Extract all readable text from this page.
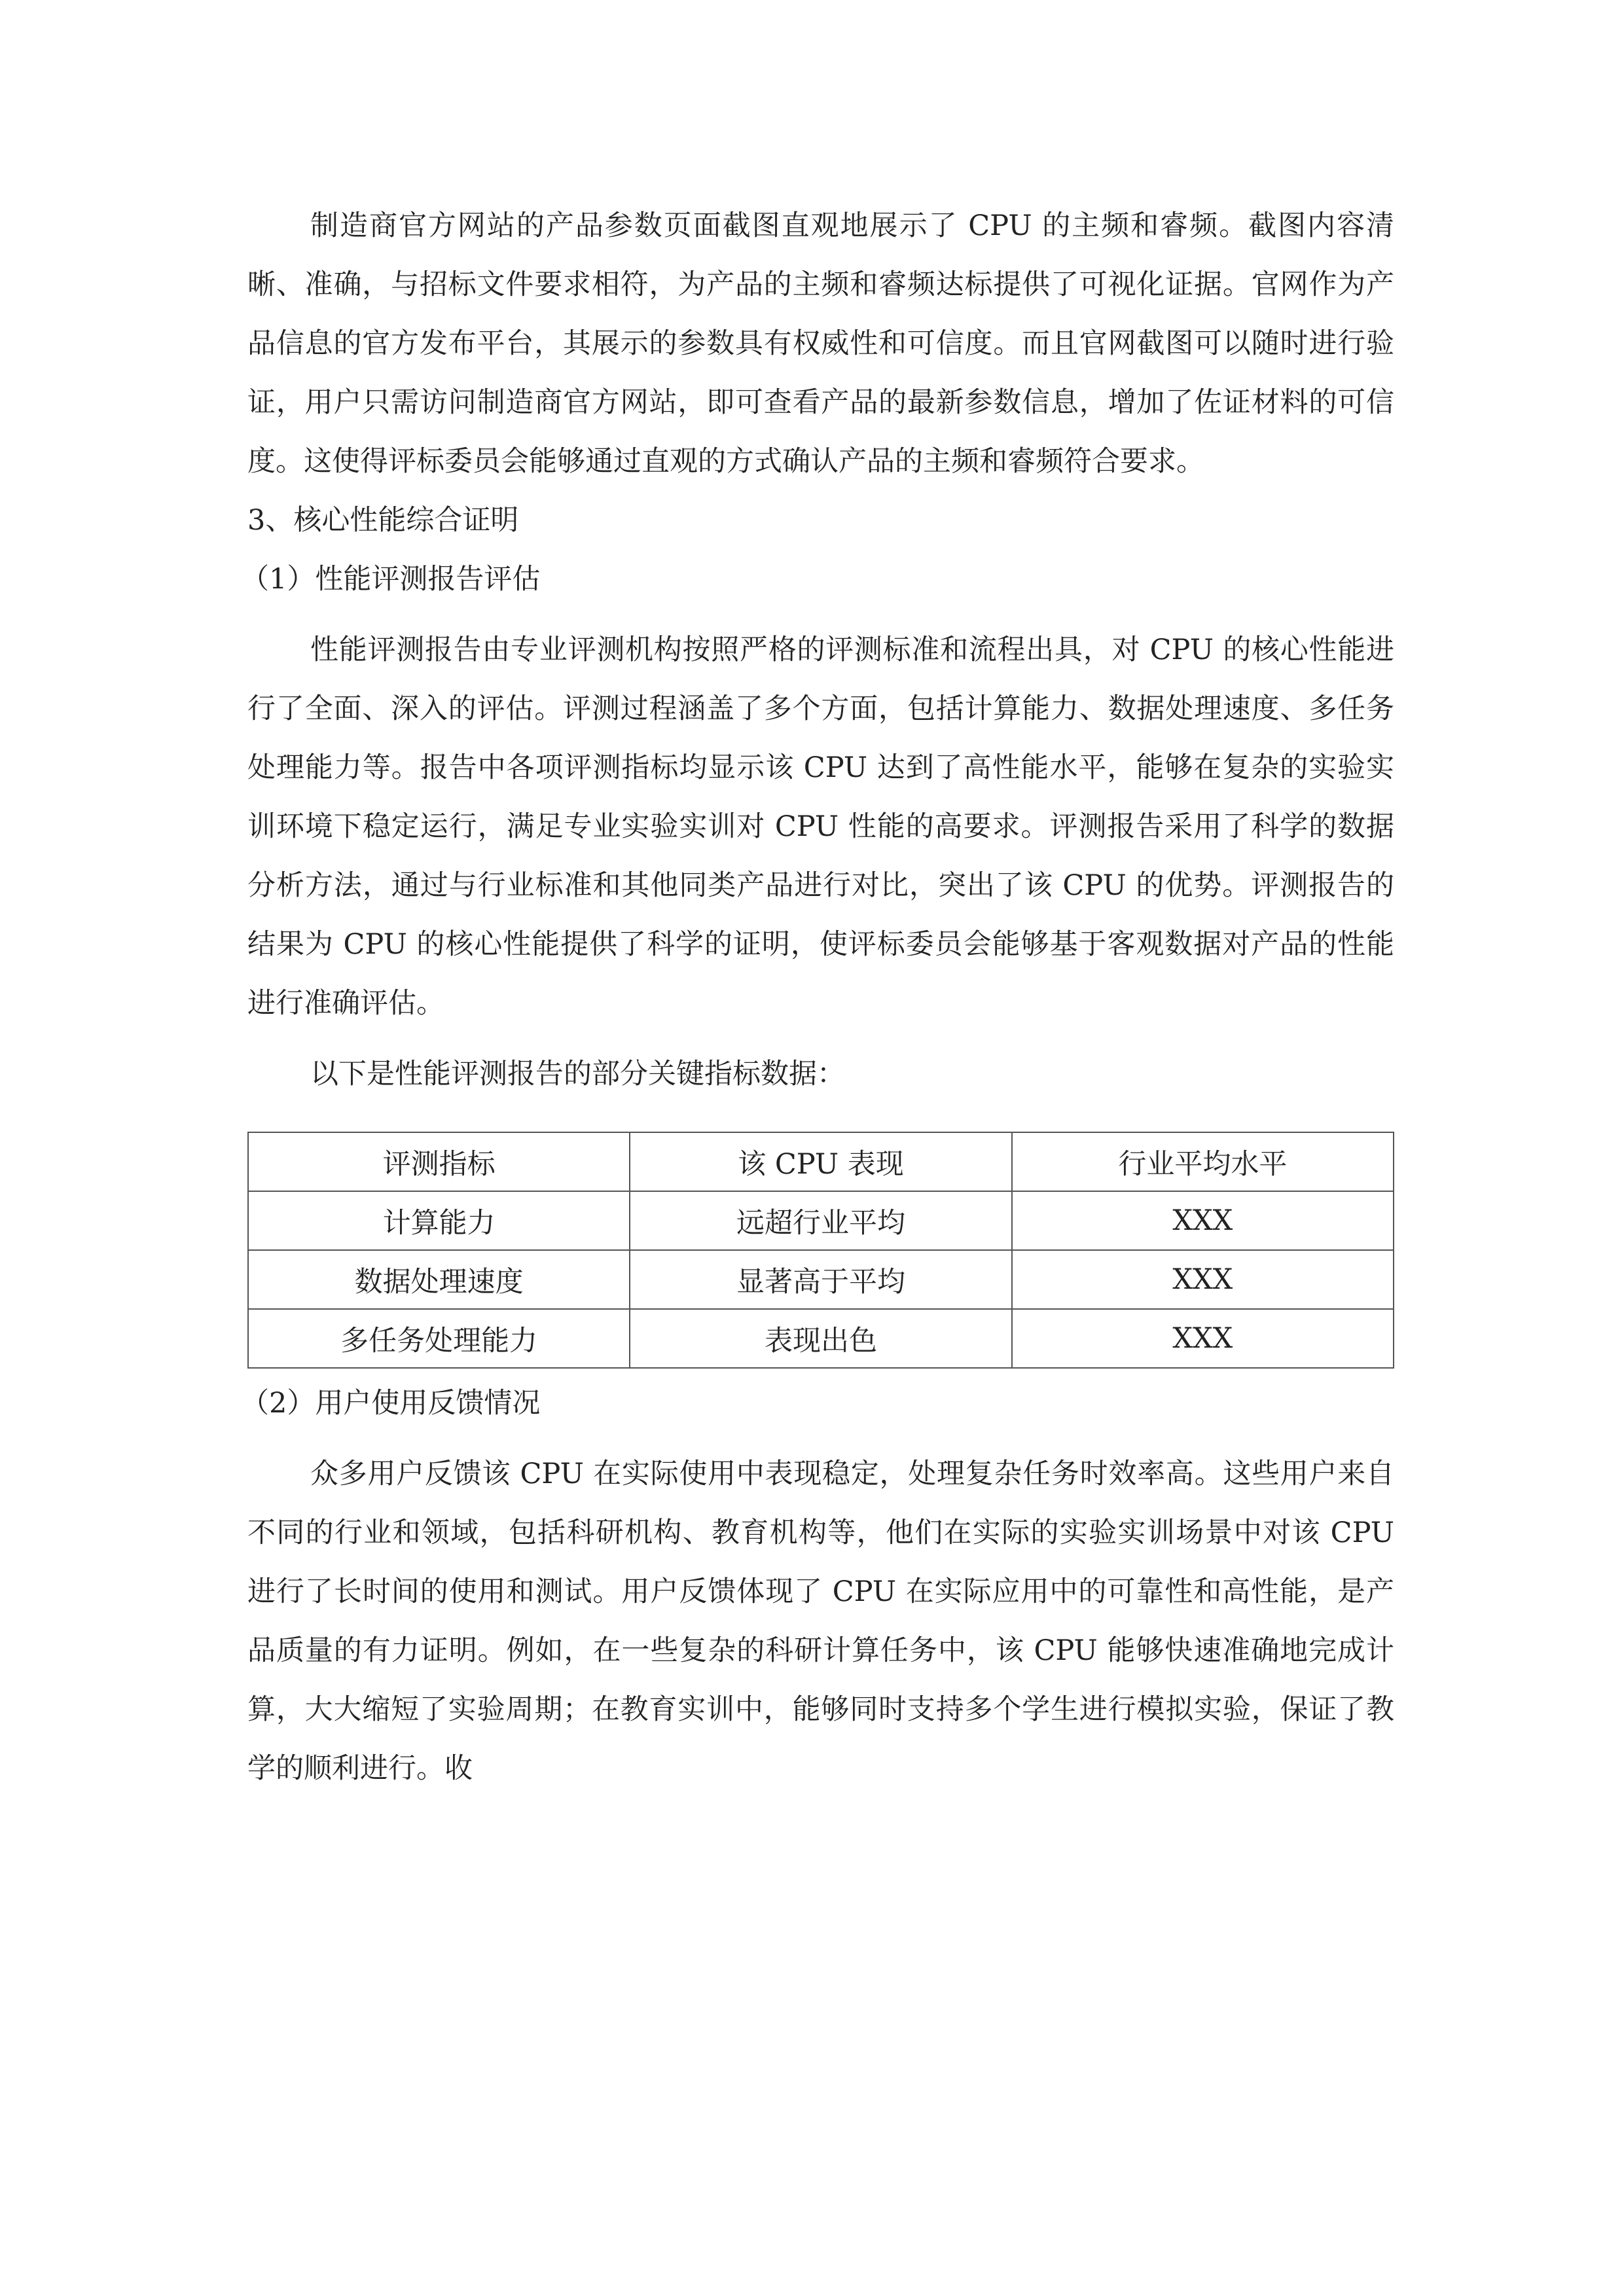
制造商官方网站的产品参数页面截图直观地展示了 CPU 的主频和睿频。截图内容清晰、准确，与招标文件要求相符，为产品的主频和睿频达标提供了可视化证据。官网作为产品信息的官方发布平台，其展示的参数具有权威性和可信度。而且官网截图可以随时进行验证，用户只需访问制造商官方网站，即可查看产品的最新参数信息，增加了佐证材料的可信度。这使得评标委员会能够通过直观的方式确认产品的主频和睿频符合要求。

3、核心性能综合证明

（1）性能评测报告评估

性能评测报告由专业评测机构按照严格的评测标准和流程出具，对 CPU 的核心性能进行了全面、深入的评估。评测过程涵盖了多个方面，包括计算能力、数据处理速度、多任务处理能力等。报告中各项评测指标均显示该 CPU 达到了高性能水平，能够在复杂的实验实训环境下稳定运行，满足专业实验实训对 CPU 性能的高要求。评测报告采用了科学的数据分析方法，通过与行业标准和其他同类产品进行对比，突出了该 CPU 的优势。评测报告的结果为 CPU 的核心性能提供了科学的证明，使评标委员会能够基于客观数据对产品的性能进行准确评估。

以下是性能评测报告的部分关键指标数据：

评测指标	该 CPU 表现	行业平均水平
计算能力	远超行业平均	XXX
数据处理速度	显著高于平均	XXX
多任务处理能力	表现出色	XXX

（2）用户使用反馈情况

众多用户反馈该 CPU 在实际使用中表现稳定，处理复杂任务时效率高。这些用户来自不同的行业和领域，包括科研机构、教育机构等，他们在实际的实验实训场景中对该 CPU 进行了长时间的使用和测试。用户反馈体现了 CPU 在实际应用中的可靠性和高性能，是产品质量的有力证明。例如，在一些复杂的科研计算任务中，该 CPU 能够快速准确地完成计算，大大缩短了实验周期；在教育实训中，能够同时支持多个学生进行模拟实验，保证了教学的顺利进行。收
